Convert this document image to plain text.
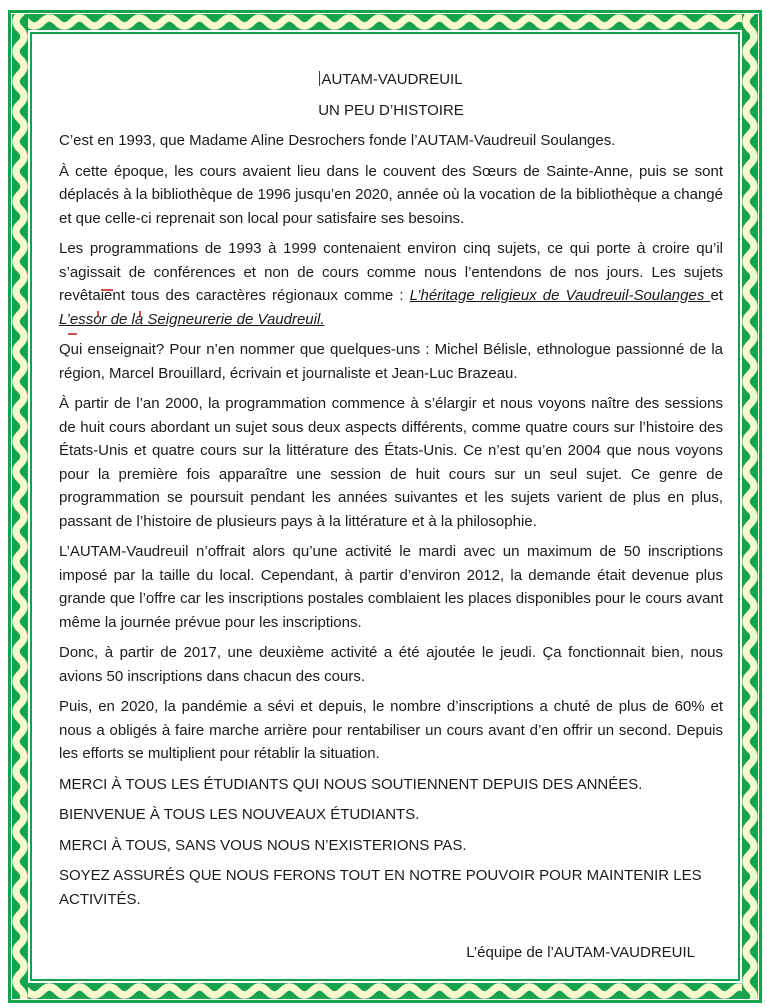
AUTAM-VAUDREUIL

UN PEU D’HISTOIRE

C’est en 1993, que Madame Aline Desrochers fonde l’AUTAM-Vaudreuil Soulanges.

À cette époque, les cours avaient lieu dans le couvent des Sœurs de Sainte-Anne, puis se sont déplacés à la bibliothèque de 1996 jusqu’en 2020, année où la vocation de la bibliothèque a changé et que celle-ci reprenait son local pour satisfaire ses besoins.

Les programmations de 1993 à 1999 contenaient environ cinq sujets, ce qui porte à croire qu’il s’agissait de conférences et non de cours comme nous l’entendons de nos jours. Les sujets revêtaient tous des caractères régionaux comme : L’héritage religieux de Vaudreuil-Soulanges et L’essor de la Seigneurerie de Vaudreuil.

Qui enseignait? Pour n’en nommer que quelques-uns : Michel Bélisle, ethnologue passionné de la région, Marcel Brouillard, écrivain et journaliste et Jean-Luc Brazeau.

À partir de l’an 2000, la programmation commence à s’élargir et nous voyons naître des sessions de huit cours abordant un sujet sous deux aspects différents, comme quatre cours sur l’histoire des États-Unis et quatre cours sur la littérature des États-Unis. Ce n’est qu’en 2004 que nous voyons pour la première fois apparaître une session de huit cours sur un seul sujet. Ce genre de programmation se poursuit pendant les années suivantes et les sujets varient de plus en plus, passant de l’histoire de plusieurs pays à la littérature et à la philosophie.

L’AUTAM-Vaudreuil n’offrait alors qu’une activité le mardi avec un maximum de 50 inscriptions imposé par la taille du local. Cependant, à partir d’environ 2012, la demande était devenue plus grande que l’offre car les inscriptions postales comblaient les places disponibles pour le cours avant même la journée prévue pour les inscriptions.

Donc, à partir de 2017, une deuxième activité a été ajoutée le jeudi. Ça fonctionnait bien, nous avions 50 inscriptions dans chacun des cours.

Puis, en 2020, la pandémie a sévi et depuis, le nombre d’inscriptions a chuté de plus de 60% et nous a obligés à faire marche arrière pour rentabiliser un cours avant d’en offrir un second. Depuis les efforts se multiplient pour rétablir la situation.

MERCI À TOUS LES ÉTUDIANTS QUI NOUS SOUTIENNENT DEPUIS DES ANNÉES.

BIENVENUE À TOUS LES NOUVEAUX ÉTUDIANTS.

MERCI À TOUS, SANS VOUS NOUS N’EXISTERIONS PAS.

SOYEZ ASSURÉS QUE NOUS FERONS TOUT EN NOTRE POUVOIR POUR MAINTENIR LES ACTIVITÉS.

L’équipe de l’AUTAM-VAUDREUIL
